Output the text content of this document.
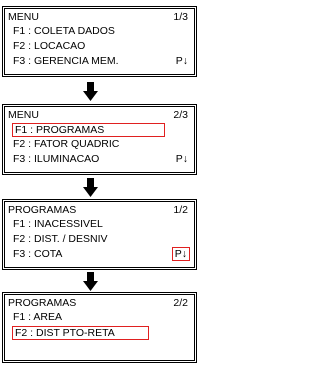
MENU	1/3
F1 : COLETA DADOS
F2 : LOCACAO
F3 : GERENCIA MEM.	P↓
MENU	2/3
F1 : PROGRAMAS
F2 : FATOR QUADRIC
F3 : ILUMINACAO	P↓
PROGRAMAS	1/2
F1 : INACESSIVEL
F2 : DIST. / DESNIV
F3 : COTA	P↓
PROGRAMAS	2/2
F1 : AREA
F2 : DIST PTO-RETA
